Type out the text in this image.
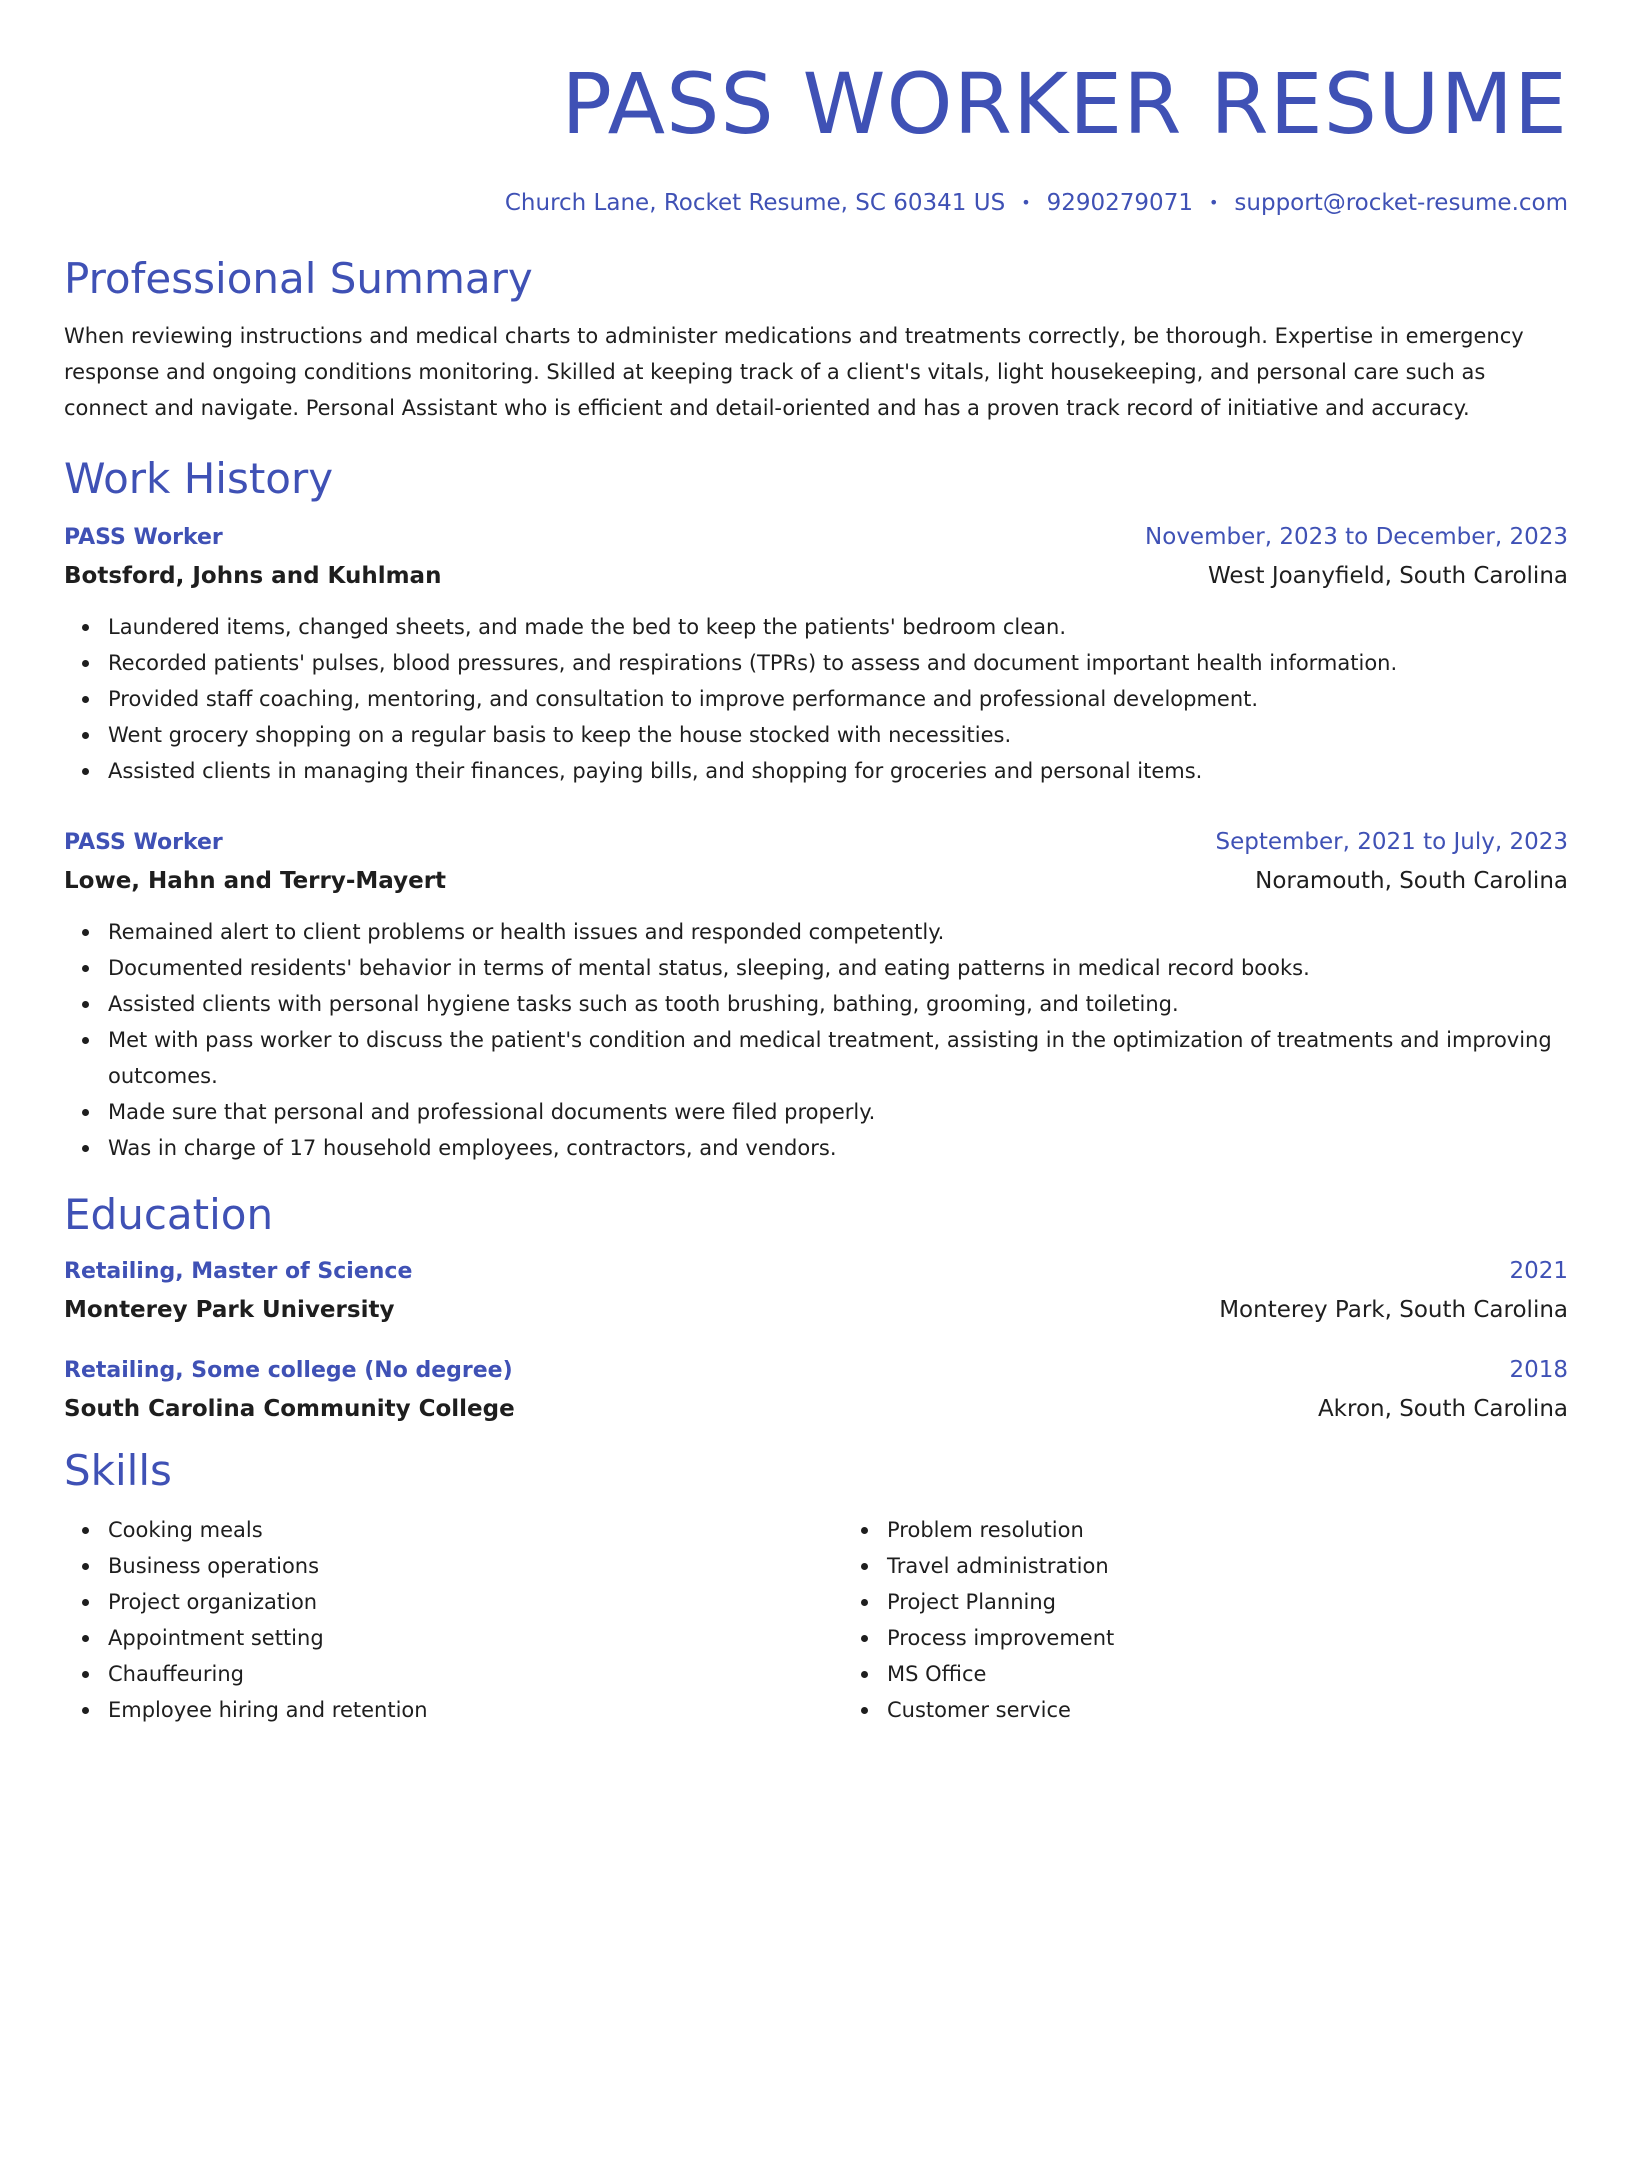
PASS WORKER RESUME
Church Lane, Rocket Resume, SC 60341 US • 9290279071 • support@rocket-resume.com
Professional Summary
When reviewing instructions and medical charts to administer medications and treatments correctly, be thorough. Expertise in emergency response and ongoing conditions monitoring. Skilled at keeping track of a client's vitals, light housekeeping, and personal care such as connect and navigate. Personal Assistant who is efficient and detail-oriented and has a proven track record of initiative and accuracy.
Work History
PASS Worker	November, 2023 to December, 2023
Botsford, Johns and Kuhlman	West Joanyfield, South Carolina
Laundered items, changed sheets, and made the bed to keep the patients' bedroom clean.
Recorded patients' pulses, blood pressures, and respirations (TPRs) to assess and document important health information.
Provided staff coaching, mentoring, and consultation to improve performance and professional development.
Went grocery shopping on a regular basis to keep the house stocked with necessities.
Assisted clients in managing their finances, paying bills, and shopping for groceries and personal items.
PASS Worker	September, 2021 to July, 2023
Lowe, Hahn and Terry-Mayert	Noramouth, South Carolina
Remained alert to client problems or health issues and responded competently.
Documented residents' behavior in terms of mental status, sleeping, and eating patterns in medical record books.
Assisted clients with personal hygiene tasks such as tooth brushing, bathing, grooming, and toileting.
Met with pass worker to discuss the patient's condition and medical treatment, assisting in the optimization of treatments and improving outcomes.
Made sure that personal and professional documents were filed properly.
Was in charge of 17 household employees, contractors, and vendors.
Education
Retailing, Master of Science	2021
Monterey Park University	Monterey Park, South Carolina
Retailing, Some college (No degree)	2018
South Carolina Community College	Akron, South Carolina
Skills
Cooking meals
Business operations
Project organization
Appointment setting
Chauffeuring
Employee hiring and retention
Problem resolution
Travel administration
Project Planning
Process improvement
MS Office
Customer service
